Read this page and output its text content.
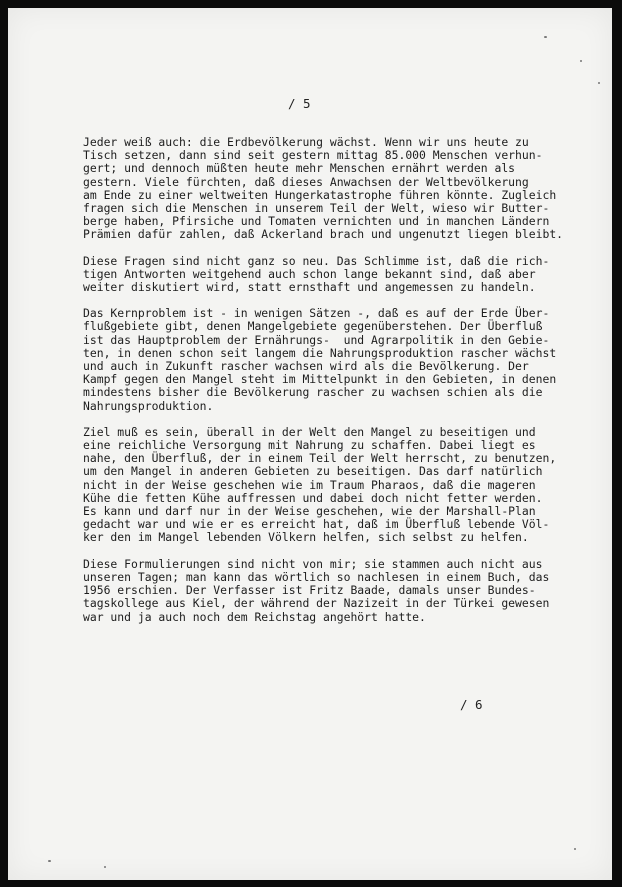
/ 5
Jeder weiß auch: die Erdbevölkerung wächst. Wenn wir uns heute zu
Tisch setzen, dann sind seit gestern mittag 85.000 Menschen verhun-
gert; und dennoch müßten heute mehr Menschen ernährt werden als
gestern. Viele fürchten, daß dieses Anwachsen der Weltbevölkerung
am Ende zu einer weltweiten Hungerkatastrophe führen könnte. Zugleich
fragen sich die Menschen in unserem Teil der Welt, wieso wir Butter-
berge haben, Pfirsiche und Tomaten vernichten und in manchen Ländern
Prämien dafür zahlen, daß Ackerland brach und ungenutzt liegen bleibt.
Diese Fragen sind nicht ganz so neu. Das Schlimme ist, daß die rich-
tigen Antworten weitgehend auch schon lange bekannt sind, daß aber
weiter diskutiert wird, statt ernsthaft und angemessen zu handeln.
Das Kernproblem ist - in wenigen Sätzen -, daß es auf der Erde Über-
flußgebiete gibt, denen Mangelgebiete gegenüberstehen. Der Überfluß
ist das Hauptproblem der Ernährungs-  und Agrarpolitik in den Gebie-
ten, in denen schon seit langem die Nahrungsproduktion rascher wächst
und auch in Zukunft rascher wachsen wird als die Bevölkerung. Der
Kampf gegen den Mangel steht im Mittelpunkt in den Gebieten, in denen
mindestens bisher die Bevölkerung rascher zu wachsen schien als die
Nahrungsproduktion.
Ziel muß es sein, überall in der Welt den Mangel zu beseitigen und
eine reichliche Versorgung mit Nahrung zu schaffen. Dabei liegt es
nahe, den Überfluß, der in einem Teil der Welt herrscht, zu benutzen,
um den Mangel in anderen Gebieten zu beseitigen. Das darf natürlich
nicht in der Weise geschehen wie im Traum Pharaos, daß die mageren
Kühe die fetten Kühe auffressen und dabei doch nicht fetter werden.
Es kann und darf nur in der Weise geschehen, wie der Marshall-Plan
gedacht war und wie er es erreicht hat, daß im Überfluß lebende Völ-
ker den im Mangel lebenden Völkern helfen, sich selbst zu helfen.
Diese Formulierungen sind nicht von mir; sie stammen auch nicht aus
unseren Tagen; man kann das wörtlich so nachlesen in einem Buch, das
1956 erschien. Der Verfasser ist Fritz Baade, damals unser Bundes-
tagskollege aus Kiel, der während der Nazizeit in der Türkei gewesen
war und ja auch noch dem Reichstag angehört hatte.
/ 6
